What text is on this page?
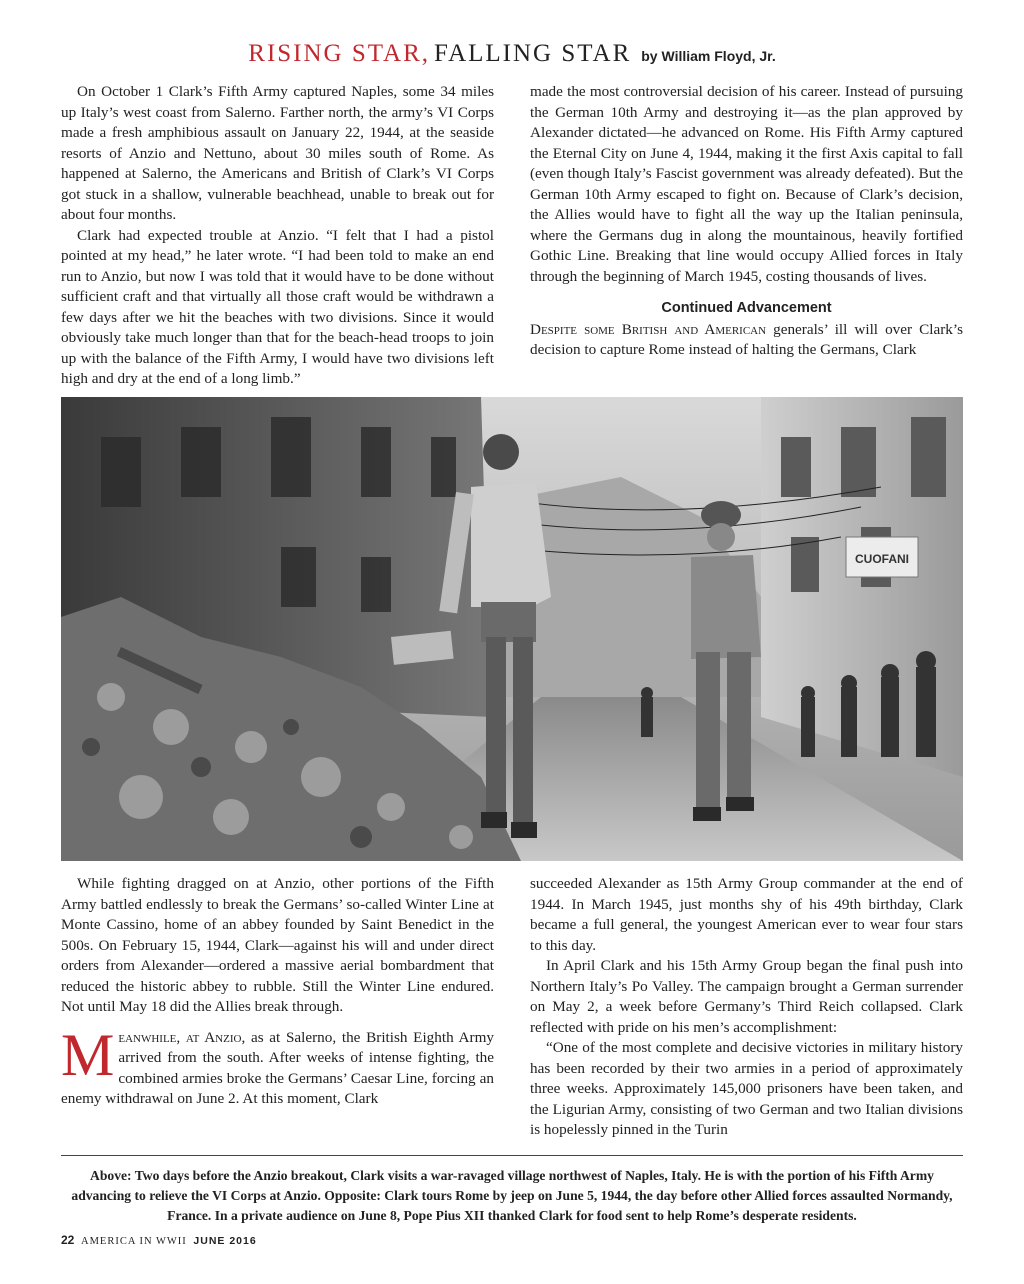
RISING STAR, FALLING STAR by William Floyd, Jr.

On October 1 Clark’s Fifth Army captured Naples, some 34 miles up Italy’s west coast from Salerno. Farther north, the army’s VI Corps made a fresh amphibious assault on January 22, 1944, at the seaside resorts of Anzio and Nettuno, about 30 miles south of Rome. As happened at Salerno, the Americans and British of Clark’s VI Corps got stuck in a shallow, vulnerable beachhead, unable to break out for about four months.

Clark had expected trouble at Anzio. “I felt that I had a pistol pointed at my head,” he later wrote. “I had been told to make an end run to Anzio, but now I was told that it would have to be done without sufficient craft and that virtually all those craft would be withdrawn a few days after we hit the beaches with two divisions. Since it would obviously take much longer than that for the beach-head troops to join up with the balance of the Fifth Army, I would have two divisions left high and dry at the end of a long limb.”

made the most controversial decision of his career. Instead of pursuing the German 10th Army and destroying it—as the plan approved by Alexander dictated—he advanced on Rome. His Fifth Army captured the Eternal City on June 4, 1944, making it the first Axis capital to fall (even though Italy’s Fascist government was already defeated). But the German 10th Army escaped to fight on. Because of Clark’s decision, the Allies would have to fight all the way up the Italian peninsula, where the Germans dug in along the mountainous, heavily fortified Gothic Line. Breaking that line would occupy Allied forces in Italy through the beginning of March 1945, costing thousands of lives.

Continued Advancement

Despite some British and American generals’ ill will over Clark’s decision to capture Rome instead of halting the Germans, Clark

CUOFANI

While fighting dragged on at Anzio, other portions of the Fifth Army battled endlessly to break the Germans’ so-called Winter Line at Monte Cassino, home of an abbey founded by Saint Benedict in the 500s. On February 15, 1944, Clark—against his will and under direct orders from Alexander—ordered a massive aerial bombardment that reduced the historic abbey to rubble. Still the Winter Line endured. Not until May 18 did the Allies break through.

Meanwhile, at Anzio, as at Salerno, the British Eighth Army arrived from the south. After weeks of intense fighting, the combined armies broke the Germans’ Caesar Line, forcing an enemy withdrawal on June 2. At this moment, Clark

succeeded Alexander as 15th Army Group commander at the end of 1944. In March 1945, just months shy of his 49th birthday, Clark became a full general, the youngest American ever to wear four stars to this day.

In April Clark and his 15th Army Group began the final push into Northern Italy’s Po Valley. The campaign brought a German surrender on May 2, a week before Germany’s Third Reich collapsed. Clark reflected with pride on his men’s accomplishment:

“One of the most complete and decisive victories in military history has been recorded by their two armies in a period of approximately three weeks. Approximately 145,000 prisoners have been taken, and the Ligurian Army, consisting of two German and two Italian divisions is hopelessly pinned in the Turin

Above: Two days before the Anzio breakout, Clark visits a war-ravaged village northwest of Naples, Italy. He is with the portion of his Fifth Army advancing to relieve the VI Corps at Anzio. Opposite: Clark tours Rome by jeep on June 5, 1944, the day before other Allied forces assaulted Normandy, France. In a private audience on June 8, Pope Pius XII thanked Clark for food sent to help Rome’s desperate residents.
22 AMERICA IN WWII JUNE 2016
